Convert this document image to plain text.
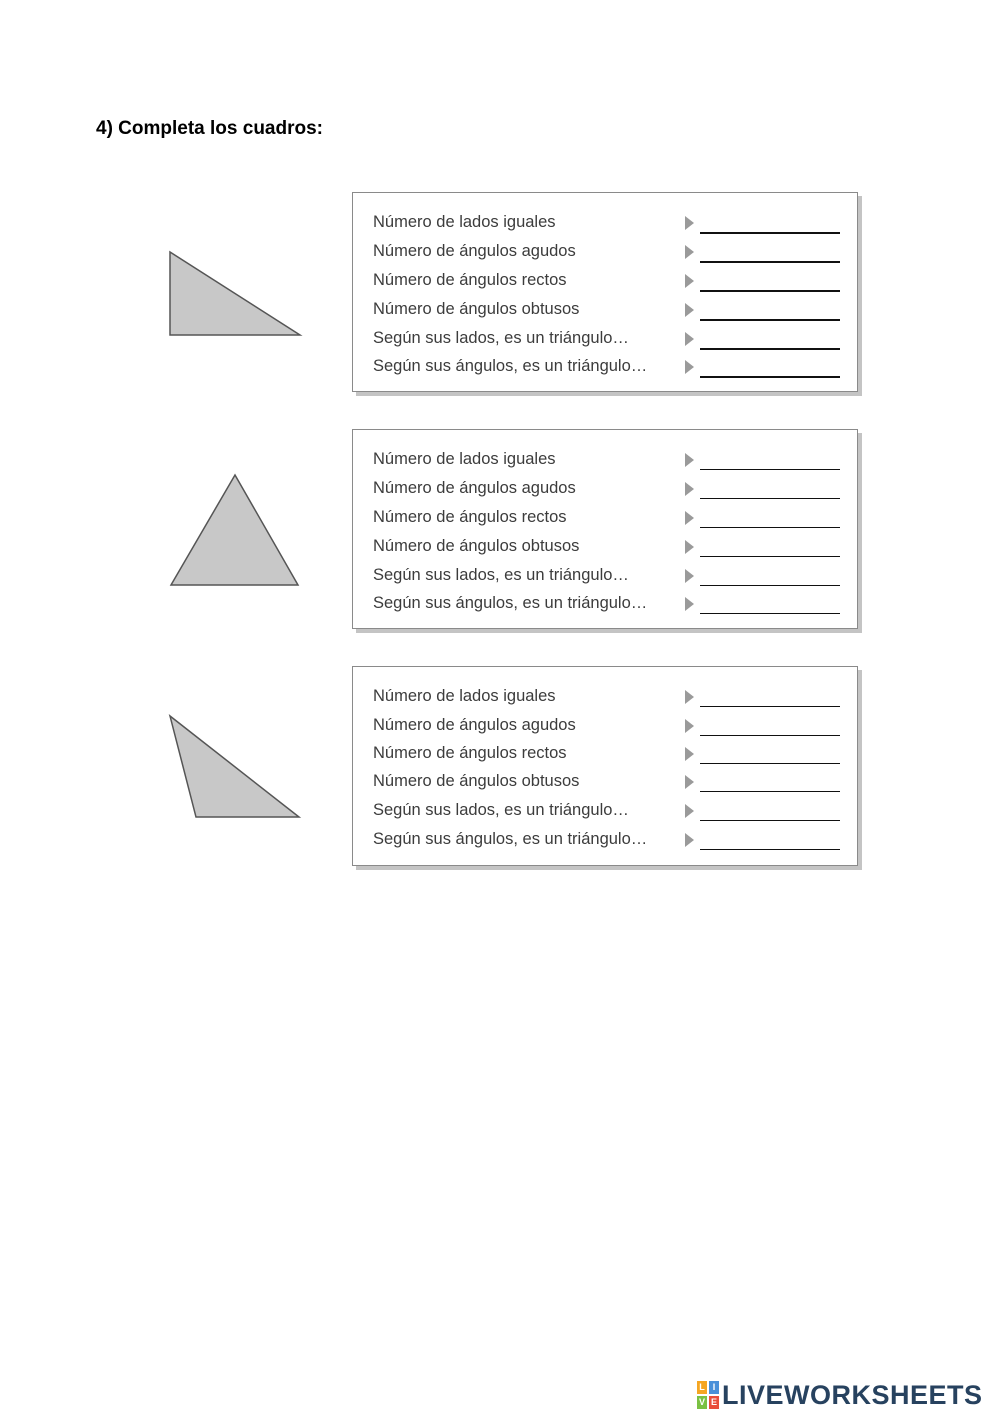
4) Completa los cuadros:
Número de lados iguales
Número de ángulos agudos
Número de ángulos rectos
Número de ángulos obtusos
Según sus lados, es un triángulo…
Según sus ángulos, es un triángulo…
Número de lados iguales
Número de ángulos agudos
Número de ángulos rectos
Número de ángulos obtusos
Según sus lados, es un triángulo…
Según sus ángulos, es un triángulo…
Número de lados iguales
Número de ángulos agudos
Número de ángulos rectos
Número de ángulos obtusos
Según sus lados, es un triángulo…
Según sus ángulos, es un triángulo…
L I
V E LIVEWORKSHEETS
